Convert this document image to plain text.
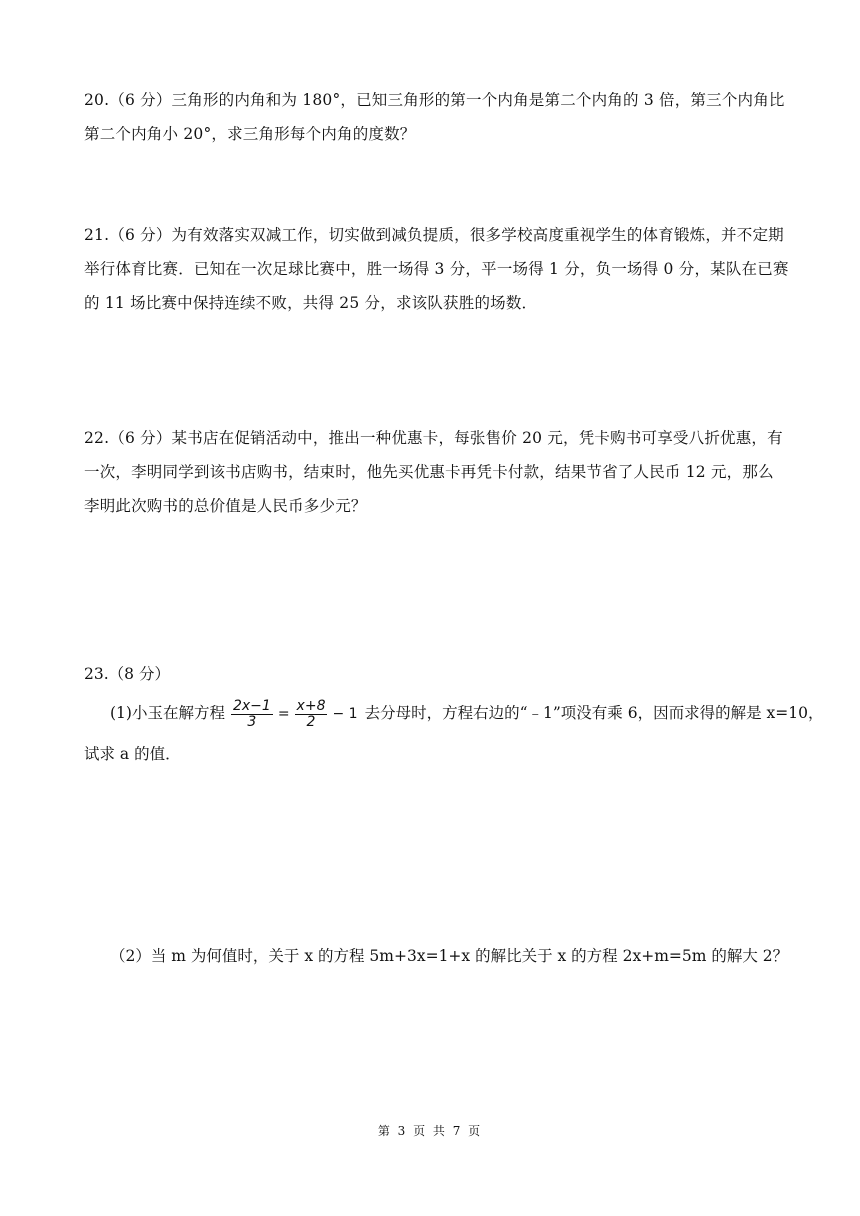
20.（6 分）三角形的内角和为 180°，已知三角形的第一个内角是第二个内角的 3 倍，第三个内角比
第二个内角小 20°，求三角形每个内角的度数？
21.（6 分）为有效落实双减工作，切实做到减负提质，很多学校高度重视学生的体育锻炼，并不定期
举行体育比赛．已知在一次足球比赛中，胜一场得 3 分，平一场得 1 分，负一场得 0 分，某队在已赛
的 11 场比赛中保持连续不败，共得 25 分，求该队获胜的场数．
22.（6 分）某书店在促销活动中，推出一种优惠卡，每张售价 20 元，凭卡购书可享受八折优惠，有
一次，李明同学到该书店购书，结束时，他先买优惠卡再凭卡付款，结果节省了人民币 12 元，那么
李明此次购书的总价值是人民币多少元？
23.（8 分）
(1)小玉在解方程 $\frac{2x-1}{3} = \frac{x+8}{2} - 1$ 去分母时，方程右边的“﹣1”项没有乘 6，因而求得的解是 x=10，
试求 a 的值．
（2）当 m 为何值时，关于 x 的方程 5m+3x=1+x 的解比关于 x 的方程 2x+m=5m 的解大 2？
第 3 页 共 7 页
